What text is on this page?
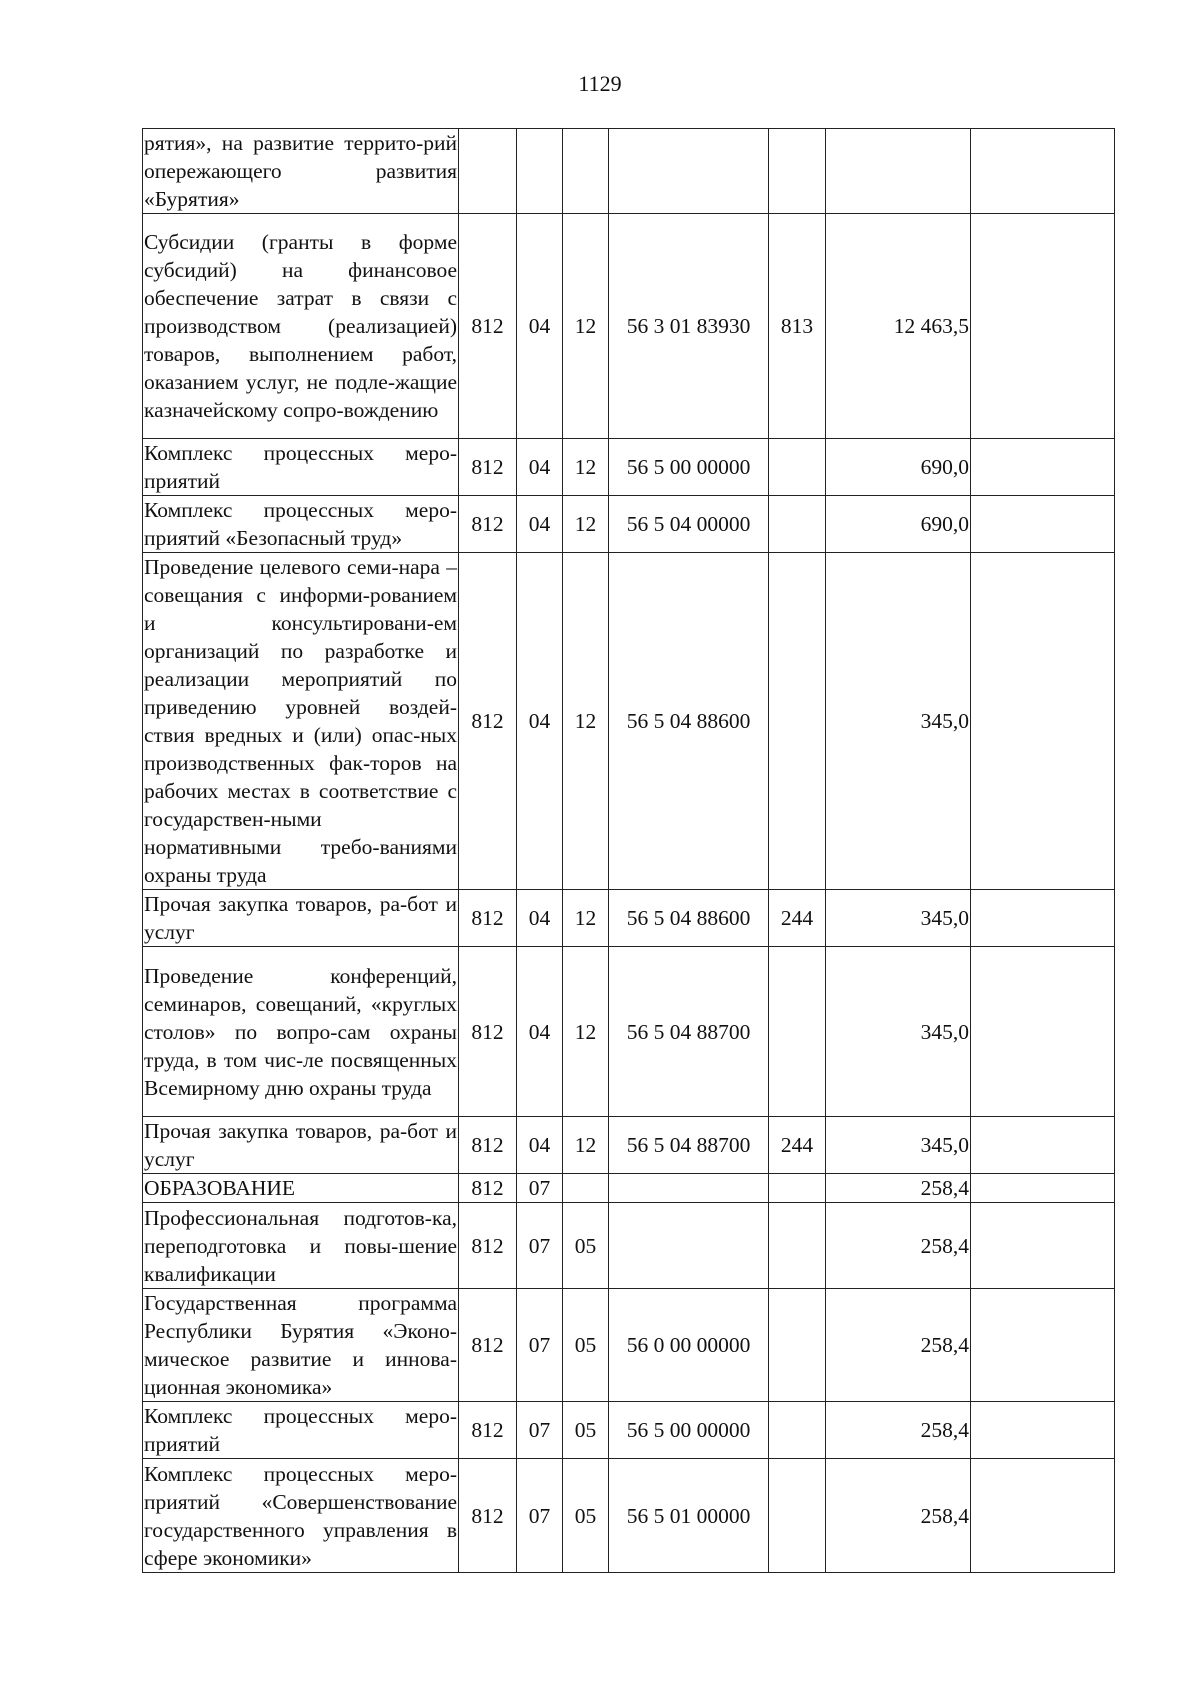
1129
рятия», на развитие террито-рий опережающего развития «Бурятия»							
Субсидии (гранты в форме субсидий) на финансовое обеспечение затрат в связи с производством (реализацией) товаров, выполнением работ, оказанием услуг, не подле-жащие казначейскому сопро-вождению	812	04	12	56 3 01 83930	813	12 463,5	
Комплекс процессных меро-приятий	812	04	12	56 5 00 00000		690,0	
Комплекс процессных меро-приятий «Безопасный труд»	812	04	12	56 5 04 00000		690,0	
Проведение целевого семи-нара – совещания с информи-рованием и консультировани-ем организаций по разработке и реализации мероприятий по приведению уровней воздей-ствия вредных и (или) опас-ных производственных фак-торов на рабочих местах в соответствие с государствен-ными нормативными требо-ваниями охраны труда	812	04	12	56 5 04 88600		345,0	
Прочая закупка товаров, ра-бот и услуг	812	04	12	56 5 04 88600	244	345,0	
Проведение конференций, семинаров, совещаний, «круглых столов» по вопро-сам охраны труда, в том чис-ле посвященных Всемирному дню охраны труда	812	04	12	56 5 04 88700		345,0	
Прочая закупка товаров, ра-бот и услуг	812	04	12	56 5 04 88700	244	345,0	
ОБРАЗОВАНИЕ	812	07				258,4	
Профессиональная подготов-ка, переподготовка и повы-шение квалификации	812	07	05			258,4	
Государственная программа Республики Бурятия «Эконо-мическое развитие и иннова-ционная экономика»	812	07	05	56 0 00 00000		258,4	
Комплекс процессных меро-приятий	812	07	05	56 5 00 00000		258,4	
Комплекс процессных меро-приятий «Совершенствование государственного управления в сфере экономики»	812	07	05	56 5 01 00000		258,4	
